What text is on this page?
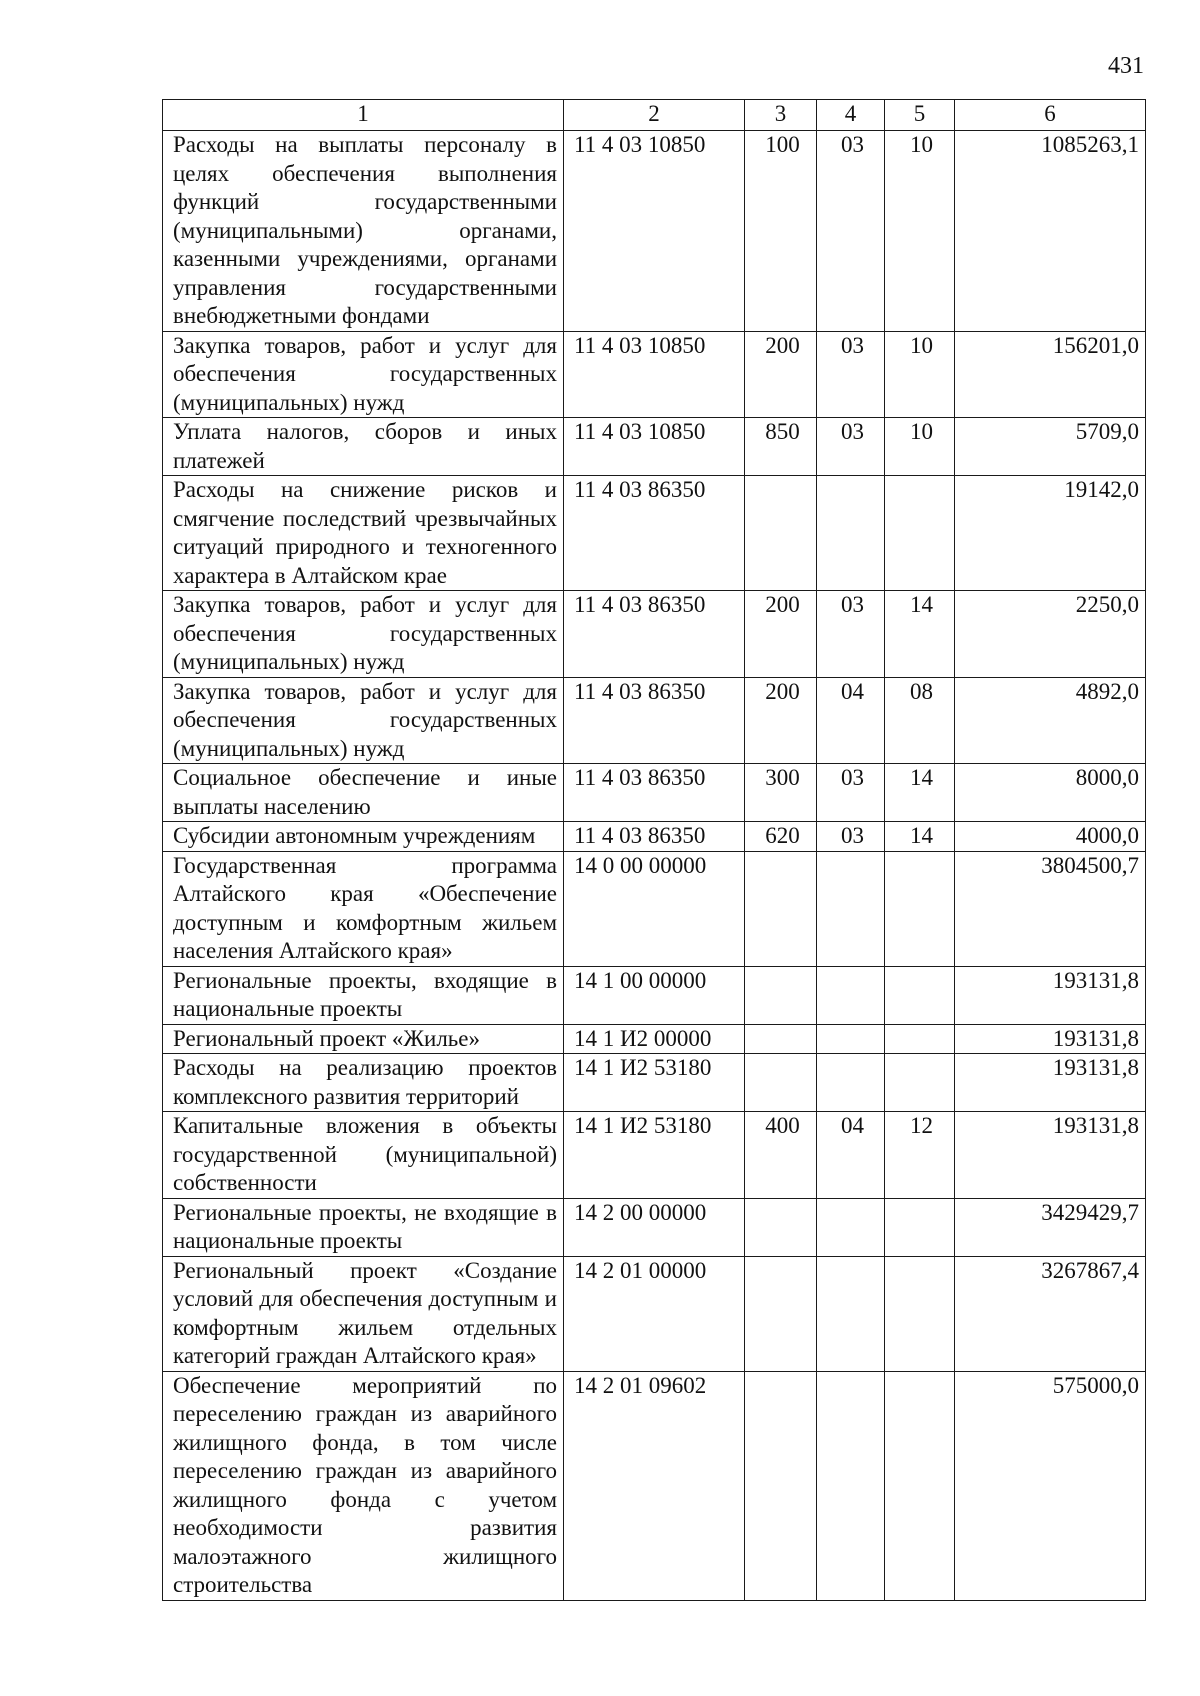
431
1	2	3	4	5	6
Расходы на выплаты персоналу в целях обеспечения выполнения функций государственными (муниципальными) органами, казенными учреждениями, органами управления государственными внебюджетными фондами	11 4 03 10850	100	03	10	1085263,1
Закупка товаров, работ и услуг для обеспечения государственных (муниципальных) нужд	11 4 03 10850	200	03	10	156201,0
Уплата налогов, сборов и иных платежей	11 4 03 10850	850	03	10	5709,0
Расходы на снижение рисков и смягчение последствий чрезвычайных ситуаций природного и техногенного характера в Алтайском крае	11 4 03 86350				19142,0
Закупка товаров, работ и услуг для обеспечения государственных (муниципальных) нужд	11 4 03 86350	200	03	14	2250,0
Закупка товаров, работ и услуг для обеспечения государственных (муниципальных) нужд	11 4 03 86350	200	04	08	4892,0
Социальное обеспечение и иные выплаты населению	11 4 03 86350	300	03	14	8000,0
Субсидии автономным учреждениям	11 4 03 86350	620	03	14	4000,0
Государственная программа Алтайского края «Обеспечение доступным и комфортным жильем населения Алтайского края»	14 0 00 00000				3804500,7
Региональные проекты, входящие в национальные проекты	14 1 00 00000				193131,8
Региональный проект «Жилье»	14 1 И2 00000				193131,8
Расходы на реализацию проектов комплексного развития территорий	14 1 И2 53180				193131,8
Капитальные вложения в объекты государственной (муниципальной) собственности	14 1 И2 53180	400	04	12	193131,8
Региональные проекты, не входящие в национальные проекты	14 2 00 00000				3429429,7
Региональный проект «Создание условий для обеспечения доступным и комфортным жильем отдельных категорий граждан Алтайского края»	14 2 01 00000				3267867,4
Обеспечение мероприятий по переселению граждан из аварийного жилищного фонда, в том числе переселению граждан из аварийного жилищного фонда с учетом необходимости развития малоэтажного жилищного строительства	14 2 01 09602				575000,0
